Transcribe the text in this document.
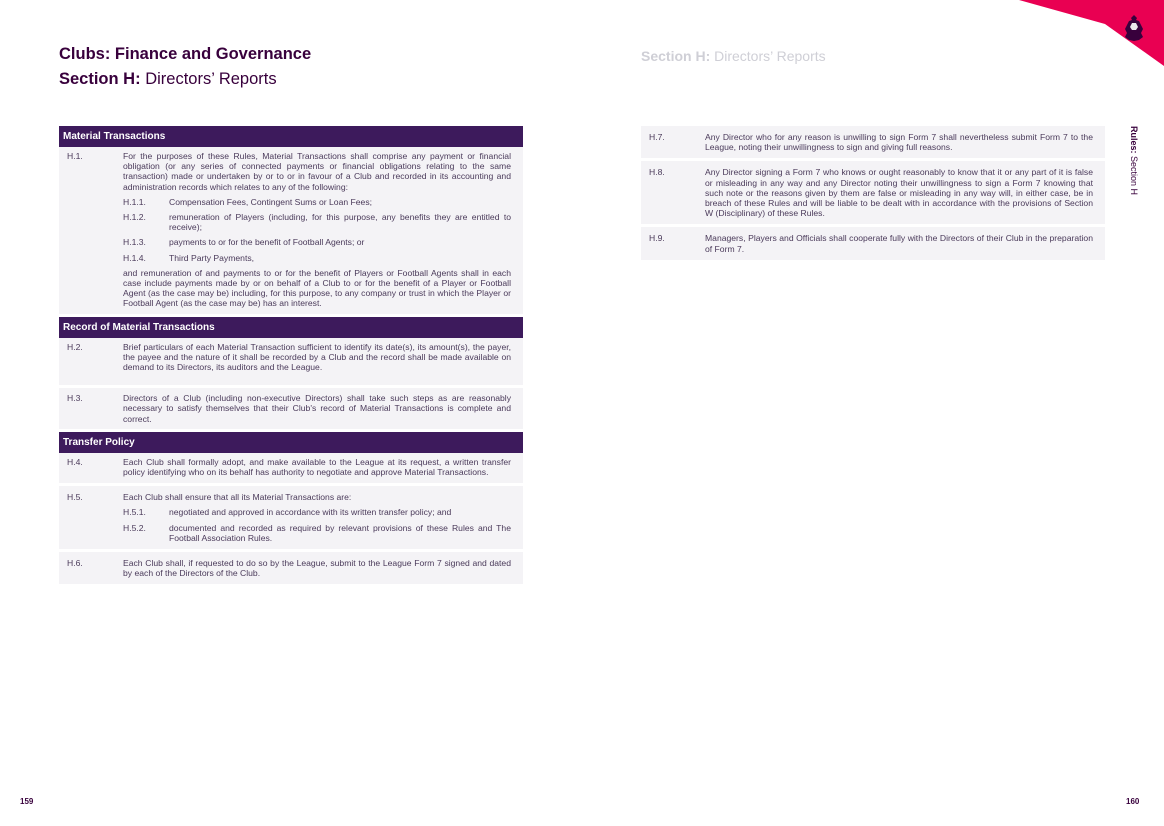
Clubs: Finance and Governance
Section H: Directors’ Reports
Section H: Directors’ Reports
Rules: Section H
Material Transactions
H.1.	For the purposes of these Rules, Material Transactions shall comprise any payment or financial obligation (or any series of connected payments or financial obligations relating to the same transaction) made or undertaken by or to or in favour of a Club and recorded in its accounting and administration records which relates to any of the following:
H.1.1.	Compensation Fees, Contingent Sums or Loan Fees;
H.1.2.	remuneration of Players (including, for this purpose, any benefits they are entitled to receive);
H.1.3.	payments to or for the benefit of Football Agents; or
H.1.4.	Third Party Payments,
and remuneration of and payments to or for the benefit of Players or Football Agents shall in each case include payments made by or on behalf of a Club to or for the benefit of a Player or Football Agent (as the case may be) including, for this purpose, to any company or trust in which the Player or Football Agent (as the case may be) has an interest.
Record of Material Transactions
H.2.	Brief particulars of each Material Transaction sufficient to identify its date(s), its amount(s), the payer, the payee and the nature of it shall be recorded by a Club and the record shall be made available on demand to its Directors, its auditors and the League.
H.3.	Directors of a Club (including non-executive Directors) shall take such steps as are reasonably necessary to satisfy themselves that their Club's record of Material Transactions is complete and correct.
Transfer Policy
H.4.	Each Club shall formally adopt, and make available to the League at its request, a written transfer policy identifying who on its behalf has authority to negotiate and approve Material Transactions.
H.5.	Each Club shall ensure that all its Material Transactions are:
H.5.1.	negotiated and approved in accordance with its written transfer policy; and
H.5.2.	documented and recorded as required by relevant provisions of these Rules and The Football Association Rules.
H.6.	Each Club shall, if requested to do so by the League, submit to the League Form 7 signed and dated by each of the Directors of the Club.
H.7.	Any Director who for any reason is unwilling to sign Form 7 shall nevertheless submit Form 7 to the League, noting their unwillingness to sign and giving full reasons.
H.8.	Any Director signing a Form 7 who knows or ought reasonably to know that it or any part of it is false or misleading in any way and any Director noting their unwillingness to sign a Form 7 knowing that such note or the reasons given by them are false or misleading in any way will, in either case, be in breach of these Rules and will be liable to be dealt with in accordance with the provisions of Section W (Disciplinary) of these Rules.
H.9.	Managers, Players and Officials shall cooperate fully with the Directors of their Club in the preparation of Form 7.
159	160
